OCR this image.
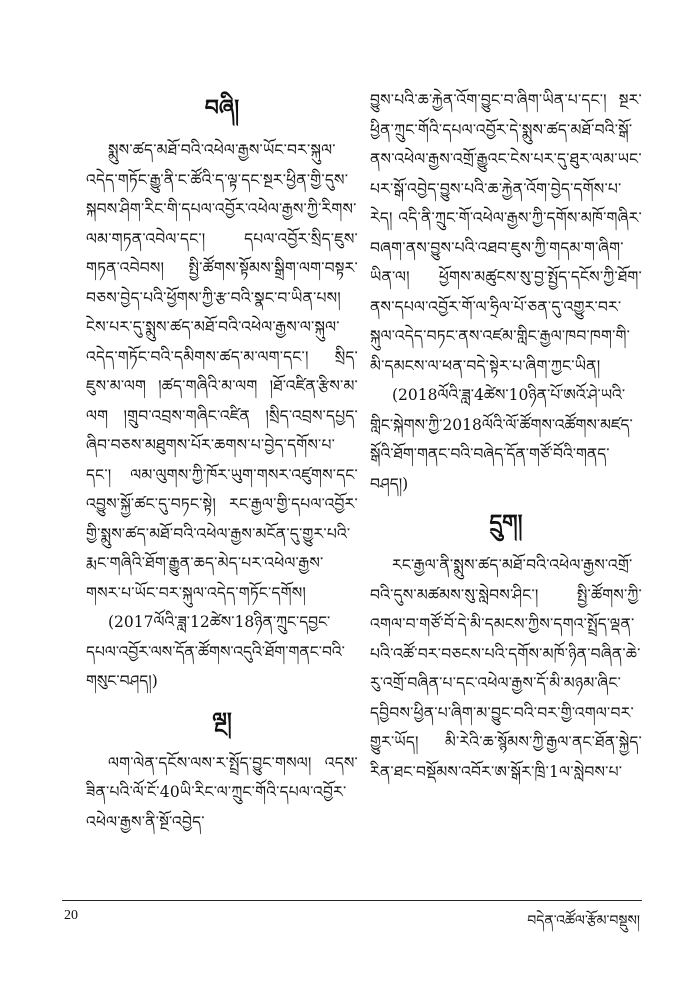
བཞི།

སྨུས་ཚད་མཐོ་བའི་འཕེལ་རྒྱས་ཡོང་བར་སྐུལ་འདེད་གཏོང་རྒྱུ་ནི་ང་ཚོའི་ད་ལྟ་དང་སྔར་ཕྱིན་གྱི་དུས་སྐབས་ཤིག་རིང་གི་དཔལ་འབྱོར་འཕེལ་རྒྱས་ཀྱི་རིགས་ལམ་གཏན་འབེལ་དང་། དཔལ་འབྱོར་སྲིད་ཇུས་གཏན་འབེབས། སྤྱི་ཚོགས་སྟོམས་སྒྲིག་ལག་བསྟར་བཅས་བྱེད་པའི་ཕྱོགས་ཀྱི་རྩ་བའི་སྣང་བ་ཡིན་པས། ངེས་པར་དུ་སྨུས་ཚད་མཐོ་བའི་འཕེལ་རྒྱས་ལ་སྐུལ་འདེད་གཏོང་བའི་དམིགས་ཚད་མ་ལག་དང་། སྲིད་ཇུས་མ་ལག །ཚད་གཞིའི་མ་ལག །ཐོ་འཛིན་རྩིས་མ་ལག །གྲུབ་འབྲས་གཞིང་འཛིན །སྲིད་འབྲས་དཔྱད་ཞིབ་བཅས་མཐུགས་པོར་ཆགས་པ་བྱེད་དགོས་པ་དང་། ལམ་ལུགས་ཀྱི་ཁོར་ཡུག་གསར་འཛུགས་དང་འབྱུས་སྐྱོ་ཚང་དུ་བཏང་སྟེ། རང་རྒྱལ་གྱི་དཔལ་འབྱོར་གྱི་སྨུས་ཚད་མཐོ་བའི་འཕེལ་རྒྱས་མངོན་དུ་གྱུར་པའི་རྨང་གཞིའི་ཐོག་རྒྱུན་ཆད་མེད་པར་འཕེལ་རྒྱས་གསར་པ་ཡོང་བར་སྐུལ་འདེད་གཏོང་དགོས།

(2017ལོའི་ཟླ་12ཚེས་18ཉིན་ཀྲུང་དབྱང་དཔལ་འབྱོར་ལས་དོན་ཚོགས་འདུའི་ཐོག་གནང་བའི་གསུང་བཤད།)

ལྔ།

ལག་ལེན་དངོས་ལས་ར་སྤྲོད་བྱུང་གསལ། འདས་ཟིན་པའི་ལོ་ངོ་40ཡི་རིང་ལ་ཀྲུང་གོའི་དཔལ་འབྱོར་འཕེལ་རྒྱས་ནི་སྔོ་འབྱེད་

བྱུས་པའི་ཆ་རྐྱེན་འོག་བྱུང་བ་ཞིག་ཡིན་པ་དང་། སྔར་ཕྱིན་ཀྲུང་གོའི་དཔལ་འབྱོར་དེ་སྨུས་ཚད་མཐོ་བའི་སྒོ་ནས་འཕེལ་རྒྱས་འགྲོ་རྒྱུའང་ངེས་པར་དུ་ཐུར་ལམ་ཡང་པར་སྒོ་འབྱེད་བྱུས་པའི་ཆ་རྐྱེན་འོག་བྱེད་དགོས་པ་རེད། འདི་ནི་ཀྲུང་གོ་འཕེལ་རྒྱས་ཀྱི་དགོས་མཁོ་གཞིར་བཞག་ནས་བྱུས་པའི་འཐབ་ཇུས་ཀྱི་གདམ་ག་ཞིག་ཡིན་ལ། ཕྱོགས་མཚུངས་སུ་བྱ་སྤྱོད་དངོས་ཀྱི་ཐོག་ནས་དཔལ་འབྱོར་གོ་ལ་ཧྲིལ་པོ་ཅན་དུ་འགྱུར་བར་སྐུལ་འདེད་བཏང་ནས་འཛམ་གླིང་རྒྱལ་ཁབ་ཁག་གི་མི་དམངས་ལ་ཕན་བདེ་སྟེར་པ་ཞིག་ཀྱང་ཡིན།

(2018ལོའི་ཟླ་4ཚེས་10ཉིན་པོ་ཨའོ་ཤེ་ཡའི་གླིང་སྐེགས་ཀྱི་2018ལོའི་ལོ་ཚོགས་འཚོགས་མཛད་སྒོའི་ཐོག་གནང་བའི་བཞེད་དོན་གཙོ་བོའི་གནད་བཤད།)

དྲུག།

རང་རྒྱལ་ནི་སྨུས་ཚད་མཐོ་བའི་འཕེལ་རྒྱས་འགྲོ་བའི་དུས་མཚམས་སུ་སླེབས་ཤིང་། སྤྱི་ཚོགས་ཀྱི་འགལ་བ་གཙོ་བོ་དེ་མི་དམངས་ཀྱིས་དགའ་སྤྲོད་ལྡན་པའི་འཚོ་བར་བཅངས་པའི་དགོས་མཁོ་ཉིན་བཞིན་ཆེ་རུ་འགྲོ་བཞིན་པ་དང་འཕེལ་རྒྱས་དོ་མི་མཉམ་ཞིང་དབྱིབས་ཕྱིན་པ་ཞིག་མ་བྱུང་བའི་བར་གྱི་འགལ་བར་གྱུར་ཡོད། མི་རེའི་ཆ་སྙོམས་ཀྱི་རྒྱལ་ནང་ཐོན་སྐྱེད་རིན་ཐང་བསྡོམས་འབོར་ཨ་སྒོར་ཁྲི་1ལ་སླེབས་པ་

20	བདེན་འཚོལ་རྩོམ་བསྡུས།
